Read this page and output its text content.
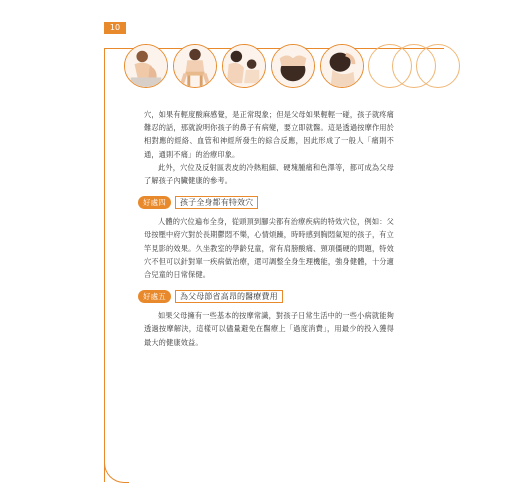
10

穴，如果有輕度酸麻感覺，是正常現象；但是父母如果輕輕一碰，孩子就疼痛難忍的話，那就說明你孩子的鼻子有病變，要立即就醫。這是透過按摩作用於相對應的經絡、血管和神經所發生的綜合反應，因此形成了一般人「痛則不通，通則不痛」的治療印象。

此外，穴位及反射區表皮的冷熱粗細、硬塊腫痛和色澤等，都可成為父母了解孩子內臟健康的參考。

好處四	孩子全身都有特效穴

人體的穴位遍布全身，從頭頂到腳尖都有治療疾病的特效穴位，例如：父母按壓中府穴對於長期鬱悶不樂，心情煩躁，時時感到胸悶氣短的孩子，有立竿見影的效果。久坐教室的學齡兒童，常有肩膀酸痛、頸項僵硬的問題，特效穴不但可以針對單一疾病做治療，還可調整全身生理機能，強身健體，十分適合兒童的日常保健。

好處五	為父母節省高昂的醫療費用

如果父母擁有一些基本的按摩常識，對孩子日常生活中的一些小病就能夠透過按摩解決，這樣可以儘量避免在醫療上「過度消費」，用最少的投入獲得最大的健康效益。
